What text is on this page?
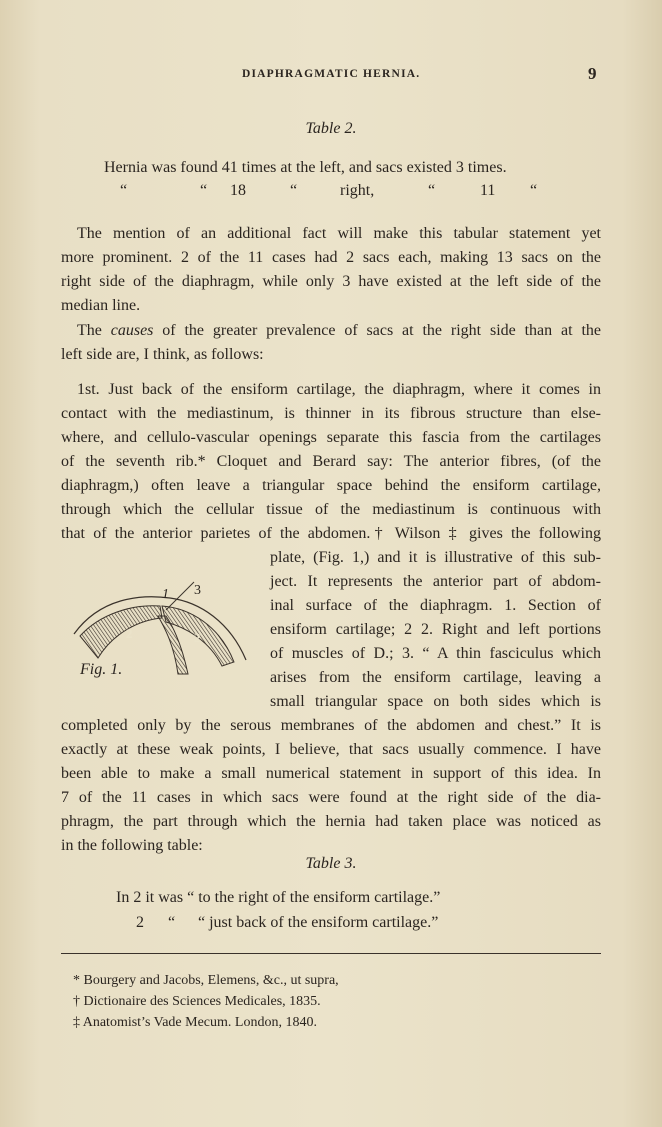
DIAPHRAGMATIC HERNIA.	9
Table 2.
Hernia was found 41 times at the left, and sacs existed 3 times.
“	“ 18	“	right,	“	11 “
The mention of an additional fact will make this tabular statement yet
more prominent. 2 of the 11 cases had 2 sacs each, making 13 sacs on the
right side of the diaphragm, while only 3 have existed at the left side of the
median line.
The causes of the greater prevalence of sacs at the right side than at the
left side are, I think, as follows:
1st. Just back of the ensiform cartilage, the diaphragm, where it comes in
contact with the mediastinum, is thinner in its fibrous structure than else-
where, and cellulo-vascular openings separate this fascia from the cartilages
of the seventh rib.* Cloquet and Berard say: The anterior fibres, (of the
diaphragm,) often leave a triangular space behind the ensiform cartilage,
through which the cellular tissue of the mediastinum is continuous with
that of the anterior parietes of the abdomen.† Wilson ‡ gives the following
plate, (Fig. 1,) and it is illustrative of this sub-
ject. It represents the anterior part of abdom-
inal surface of the diaphragm. 1. Section of
ensiform cartilage; 2 2. Right and left portions
of muscles of D.; 3. “ A thin fasciculus which
arises from the ensiform cartilage, leaving a
small triangular space on both sides which is
1 3
2	2
Fig. 1.
completed only by the serous membranes of the abdomen and chest.” It is
exactly at these weak points, I believe, that sacs usually commence. I have
been able to make a small numerical statement in support of this idea. In
7 of the 11 cases in which sacs were found at the right side of the dia-
phragm, the part through which the hernia had taken place was noticed as
in the following table:
Table 3.
In 2 it was “ to the right of the ensiform cartilage.”
2 “ “ just back of the ensiform cartilage.”
* Bourgery and Jacobs, Elemens, &c., ut supra,
† Dictionaire des Sciences Medicales, 1835.
‡ Anatomist’s Vade Mecum. London, 1840.
